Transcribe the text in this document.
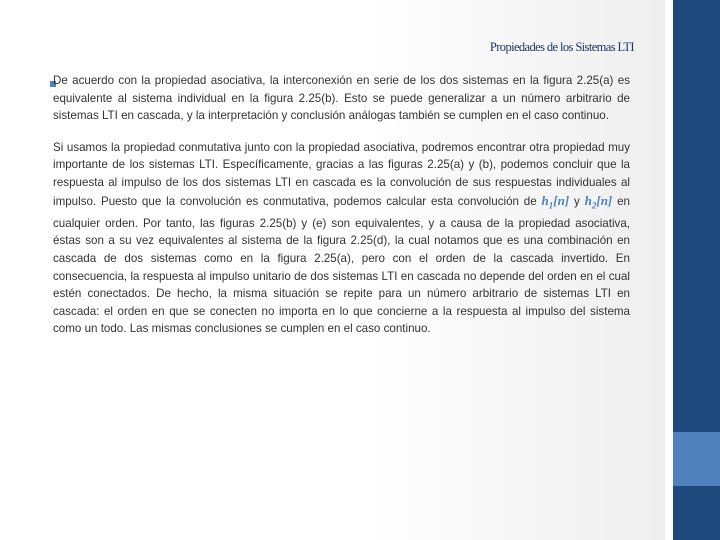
Propiedades de los Sistemas LTI

De acuerdo con la propiedad asociativa, la interconexión en serie de los dos sistemas en la figura 2.25(a) es equivalente al sistema individual en la figura 2.25(b). Esto se puede generalizar a un número arbitrario de sistemas LTI en cascada, y la interpretación y conclusión análogas también se cumplen en el caso continuo.

Si usamos la propiedad conmutativa junto con la propiedad asociativa, podremos encontrar otra propiedad muy importante de los sistemas LTI. Específicamente, gracias a las figuras 2.25(a) y (b), podemos concluir que la respuesta al impulso de los dos sistemas LTI en cascada es la convolución de sus respuestas individuales al impulso. Puesto que la convolución es conmutativa, podemos calcular esta convolución de $h_1[n]$ y $h_2[n]$ en cualquier orden. Por tanto, las figuras 2.25(b) y (e) son equivalentes, y a causa de la propiedad asociativa, éstas son a su vez equivalentes al sistema de la figura 2.25(d), la cual notamos que es una combinación en cascada de dos sistemas como en la figura 2.25(a), pero con el orden de la cascada invertido. En consecuencia, la respuesta al impulso unitario de dos sistemas LTI en cascada no depende del orden en el cual estén conectados. De hecho, la misma situación se repite para un número arbitrario de sistemas LTI en cascada: el orden en que se conecten no importa en lo que concierne a la respuesta al impulso del sistema como un todo. Las mismas conclusiones se cumplen en el caso continuo.
